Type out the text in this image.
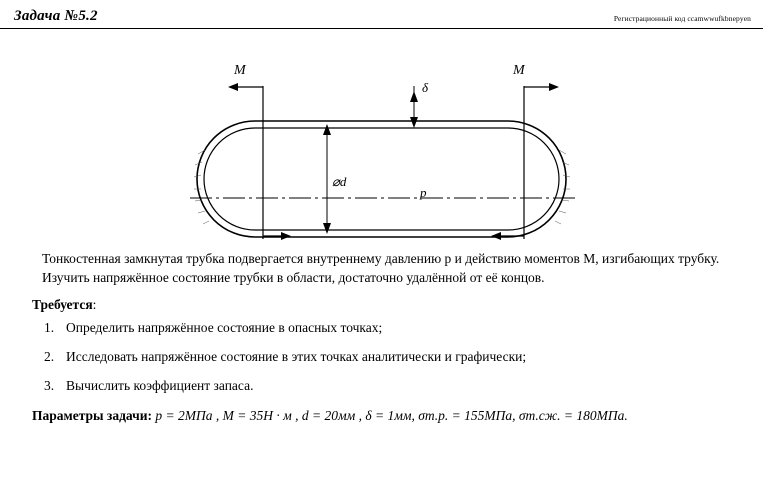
Задача №5.2	Регистрационный код ccamwwufkbnepyen
M	M
⌀d
δ
p

Тонкостенная замкнутая трубка подвергается внутреннему давлению p и действию моментов M, изгибающих трубку.

Изучить напряжённое состояние трубки в области, достаточно удалённой от её концов.

Требуется:
Определить напряжённое состояние в опасных точках;
Исследовать напряжённое состояние в этих точках аналитически и графически;
Вычислить коэффициент запаса.
Параметры задачи: p = 2МПа , M = 35Н · м , d = 20мм , δ = 1мм, σт.р. = 155МПа, σт.сж. = 180МПа.
